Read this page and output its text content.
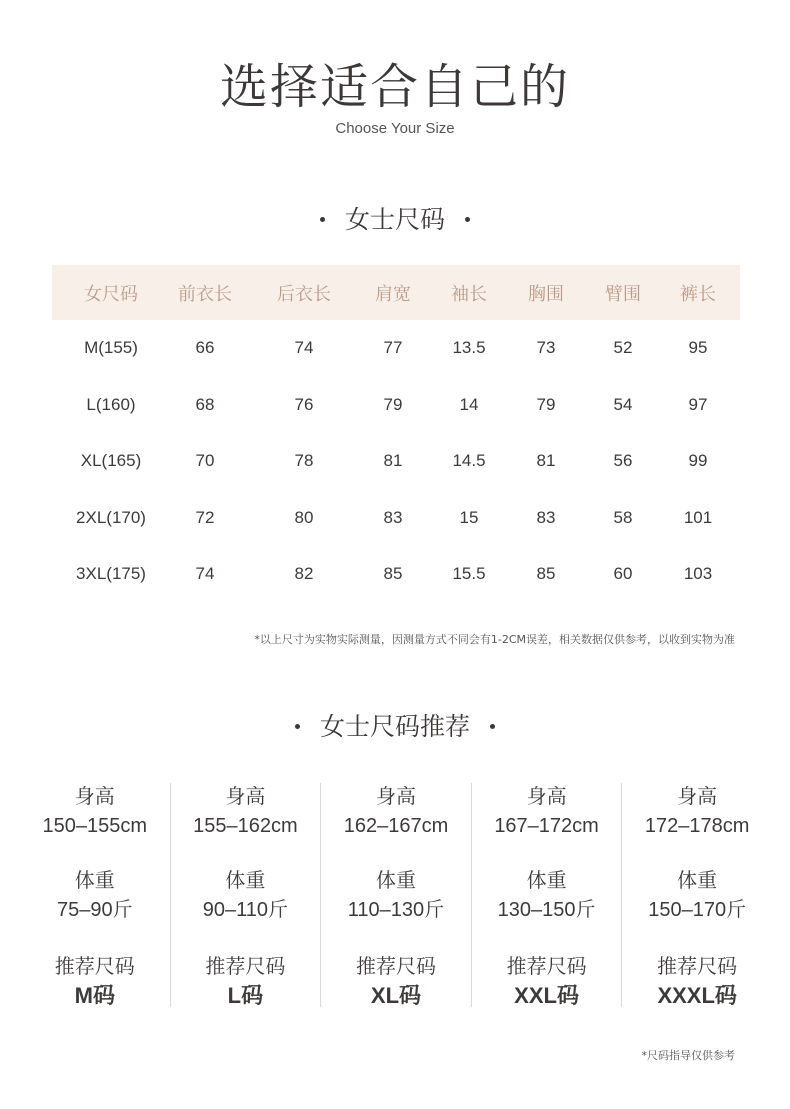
选择适合自己的
Choose Your Size
女士尺码
女尺码	前衣长	后衣长	肩宽	袖长	胸围	臂围	裤长
M(155)	66	74	77	13.5	73	52	95
L(160)	68	76	79	14	79	54	97
XL(165)	70	78	81	14.5	81	56	99
2XL(170)	72	80	83	15	83	58	101
3XL(175)	74	82	85	15.5	85	60	103
*以上尺寸为实物实际测量，因测量方式不同会有1-2CM误差，相关数据仅供参考，以收到实物为准
女士尺码推荐
身高
150–155cm
体重
75–90斤
推荐尺码
M码
身高
155–162cm
体重
90–110斤
推荐尺码
L码
身高
162–167cm
体重
110–130斤
推荐尺码
XL码
身高
167–172cm
体重
130–150斤
推荐尺码
XXL码
身高
172–178cm
体重
150–170斤
推荐尺码
XXXL码
*尺码指导仅供参考
